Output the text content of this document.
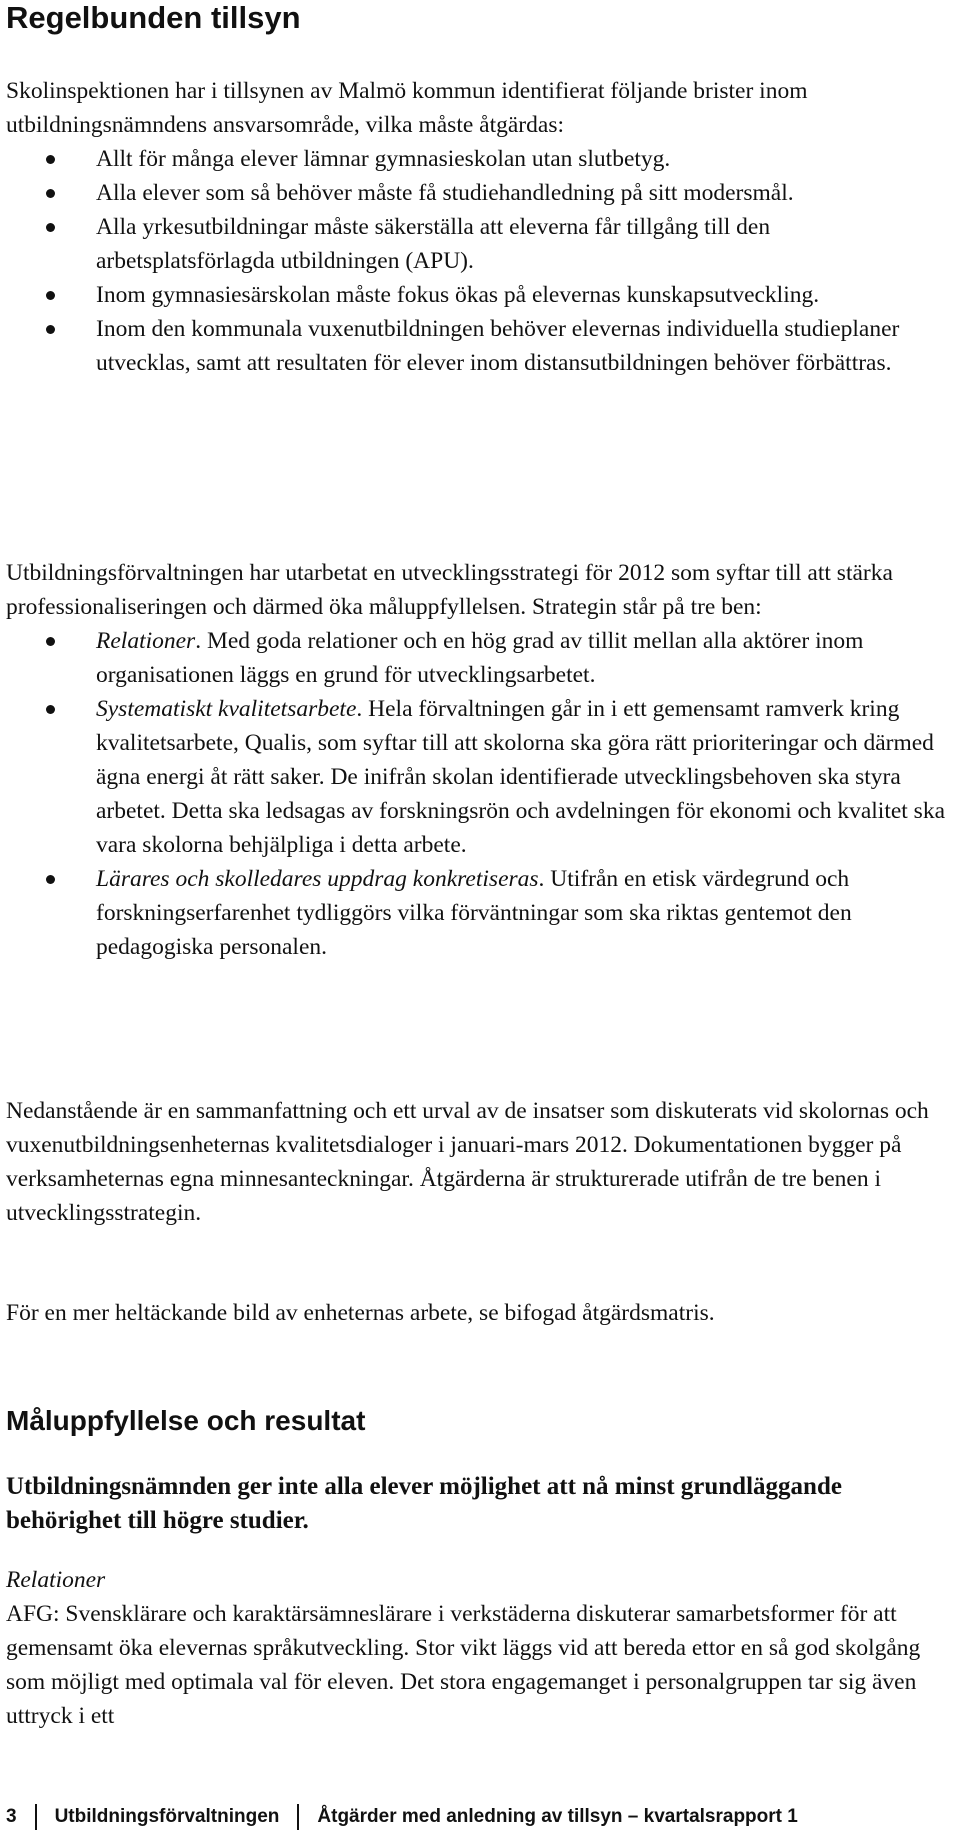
Regelbunden tillsyn

Skolinspektionen har i tillsynen av Malmö kommun identifierat följande brister inom utbildningsnämndens ansvarsområde, vilka måste åtgärdas:

Allt för många elever lämnar gymnasieskolan utan slutbetyg.
Alla elever som så behöver måste få studiehandledning på sitt modersmål.
Alla yrkesutbildningar måste säkerställa att eleverna får tillgång till den arbetsplatsförlagda utbildningen (APU).
Inom gymnasiesärskolan måste fokus ökas på elevernas kunskapsutveckling.
Inom den kommunala vuxenutbildningen behöver elevernas individuella studieplaner utvecklas, samt att resultaten för elever inom distansutbildningen behöver förbättras.

Utbildningsförvaltningen har utarbetat en utvecklingsstrategi för 2012 som syftar till att stärka professionaliseringen och därmed öka måluppfyllelsen. Strategin står på tre ben:

Relationer. Med goda relationer och en hög grad av tillit mellan alla aktörer inom organisationen läggs en grund för utvecklingsarbetet.
Systematiskt kvalitetsarbete. Hela förvaltningen går in i ett gemensamt ramverk kring kvalitetsarbete, Qualis, som syftar till att skolorna ska göra rätt prioriteringar och därmed ägna energi åt rätt saker. De inifrån skolan identifierade utvecklingsbehoven ska styra arbetet. Detta ska ledsagas av forskningsrön och avdelningen för ekonomi och kvalitet ska vara skolorna behjälpliga i detta arbete.
Lärares och skolledares uppdrag konkretiseras. Utifrån en etisk värdegrund och forskningserfarenhet tydliggörs vilka förväntningar som ska riktas gentemot den pedagogiska personalen.

Nedanstående är en sammanfattning och ett urval av de insatser som diskuterats vid skolornas och vuxenutbildningsenheternas kvalitetsdialoger i januari-mars 2012. Dokumentationen bygger på verksamheternas egna minnesanteckningar. Åtgärderna är strukturerade utifrån de tre benen i utvecklingsstrategin.

För en mer heltäckande bild av enheternas arbete, se bifogad åtgärdsmatris.

Måluppfyllelse och resultat

Utbildningsnämnden ger inte alla elever möjlighet att nå minst grundläggande behörighet till högre studier.

Relationer

AFG: Svensklärare och karaktärsämneslärare i verkstäderna diskuterar samarbetsformer för att gemensamt öka elevernas språkutveckling. Stor vikt läggs vid att bereda ettor en så god skolgång som möjligt med optimala val för eleven. Det stora engagemanget i personalgruppen tar sig även uttryck i ett

3 Utbildningsförvaltningen Åtgärder med anledning av tillsyn – kvartalsrapport 1
